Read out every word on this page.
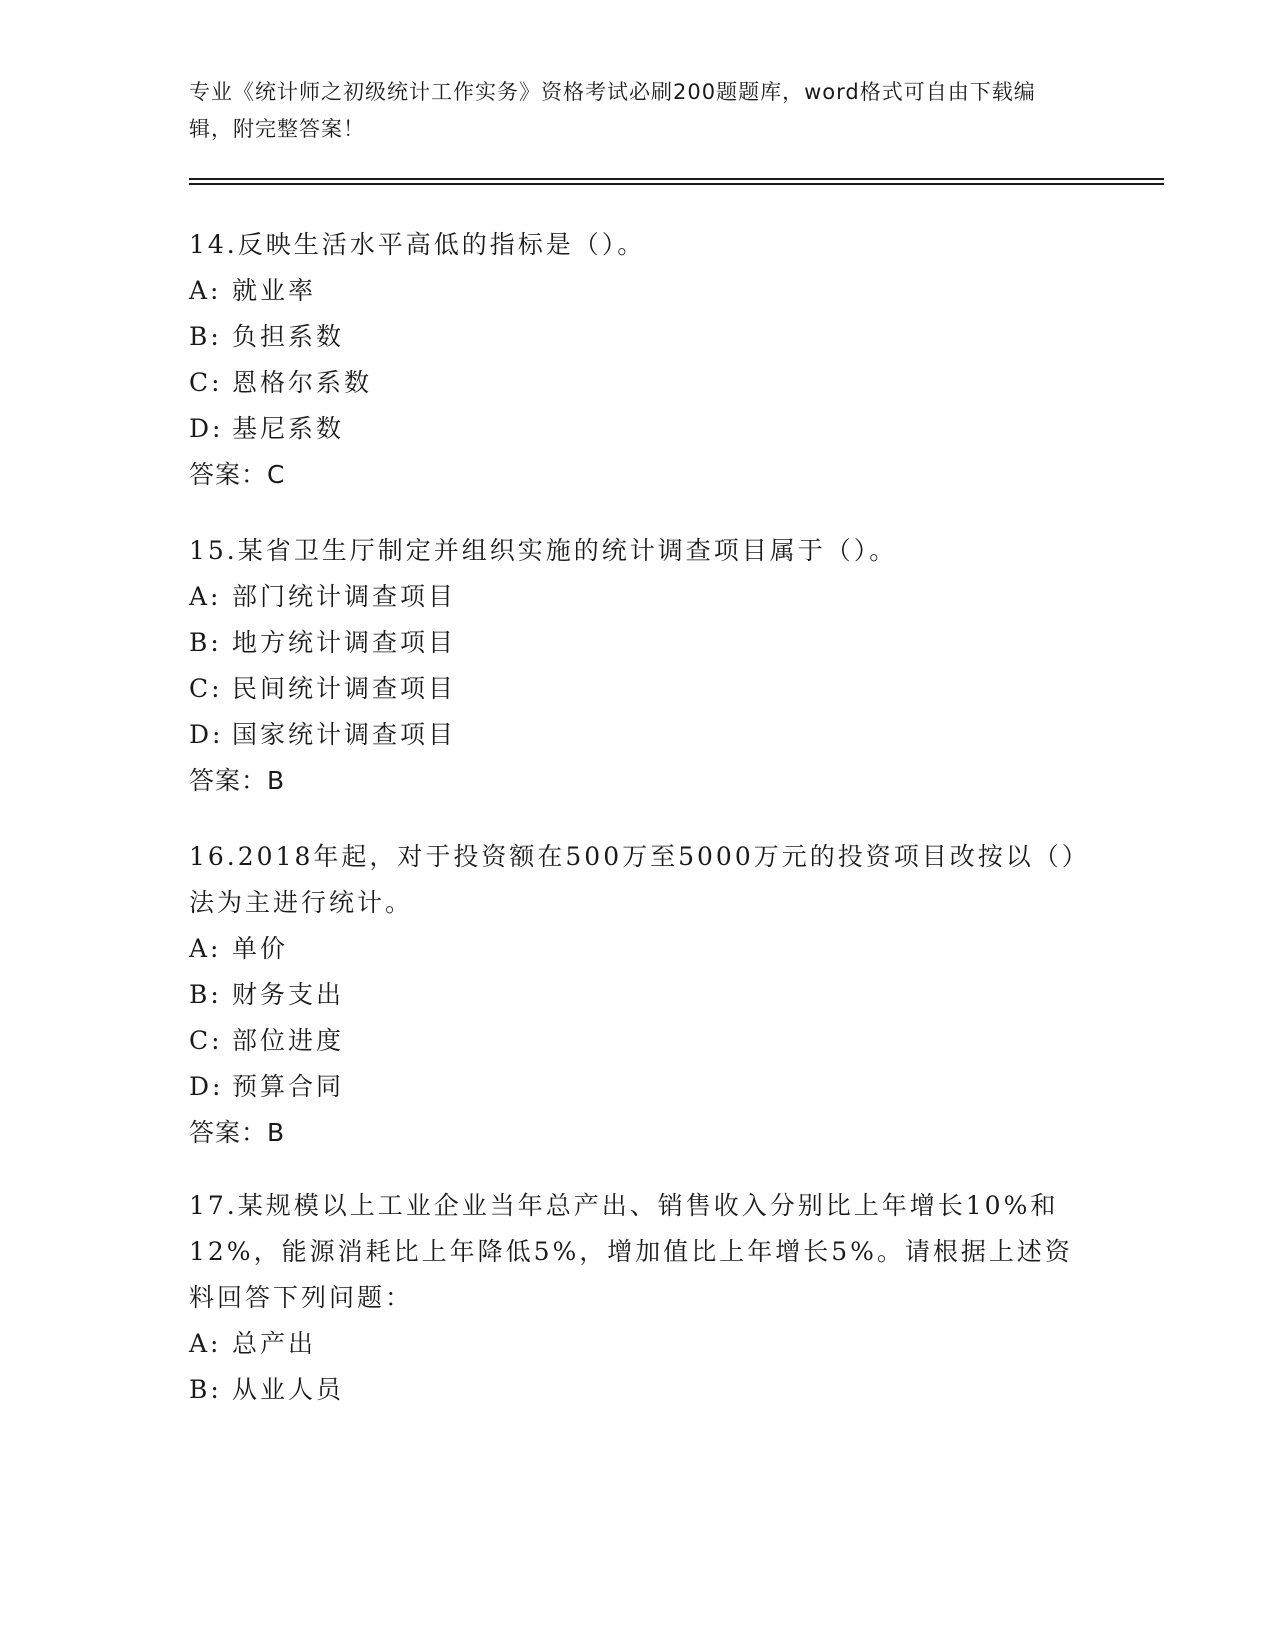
专业《统计师之初级统计工作实务》资格考试必刷200题题库，word格式可自由下载编辑，附完整答案！
14.反映生活水平高低的指标是（）。
A: 就业率
B: 负担系数
C: 恩格尔系数
D: 基尼系数
答案：C
15.某省卫生厅制定并组织实施的统计调查项目属于（）。
A: 部门统计调查项目
B: 地方统计调查项目
C: 民间统计调查项目
D: 国家统计调查项目
答案：B
16.2018年起，对于投资额在500万至5000万元的投资项目改按以（）法为主进行统计。
A: 单价
B: 财务支出
C: 部位进度
D: 预算合同
答案：B
17.某规模以上工业企业当年总产出、销售收入分别比上年增长10%和12%，能源消耗比上年降低5%，增加值比上年增长5%。请根据上述资料回答下列问题：
A: 总产出
B: 从业人员
